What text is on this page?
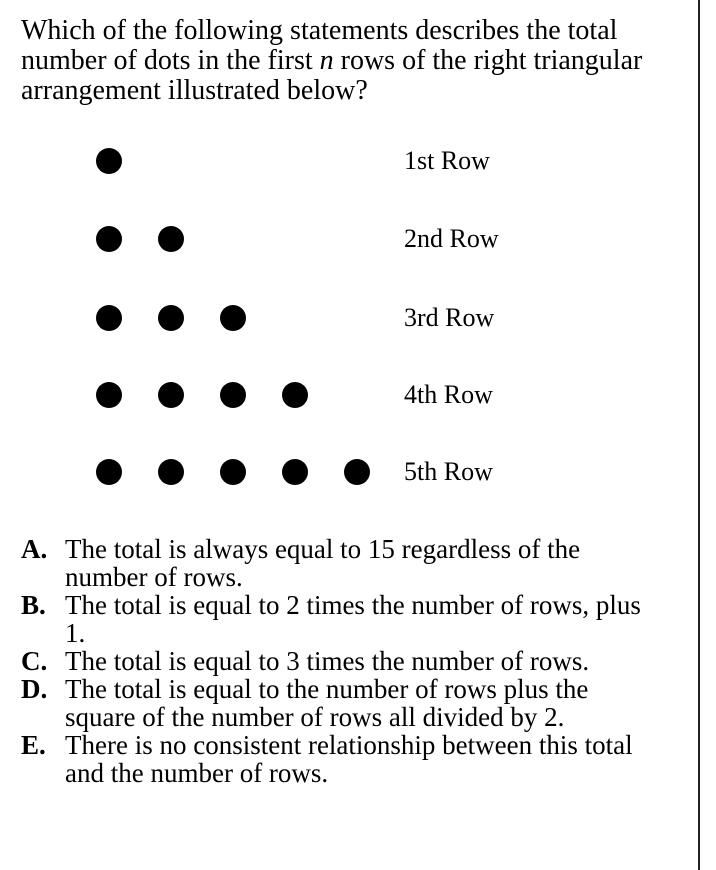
Which of the following statements describes the total number of dots in the first n rows of the right triangular arrangement illustrated below?

1st Row
2nd Row
3rd Row
4th Row
5th Row

A. The total is always equal to 15 regardless of the number of rows.

B. The total is equal to 2 times the number of rows, plus 1.

C. The total is equal to 3 times the number of rows.

D. The total is equal to the number of rows plus the square of the number of rows all divided by 2.

E. There is no consistent relationship between this total and the number of rows.
